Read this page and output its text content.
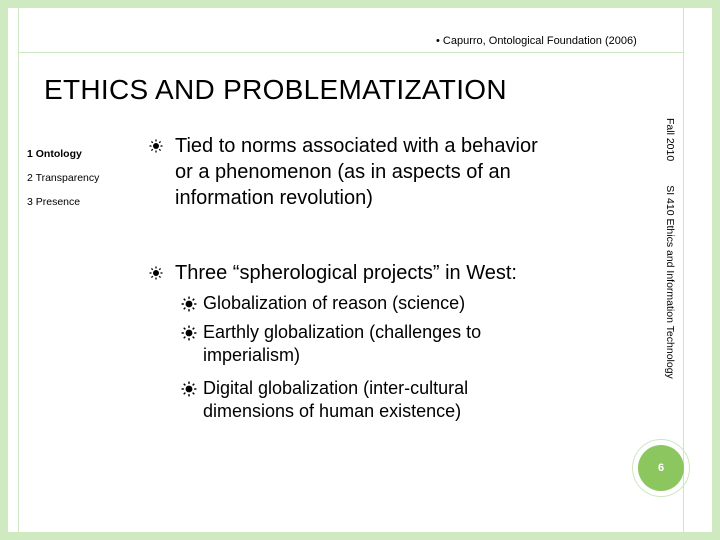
• Capurro, Ontological Foundation (2006)
ETHICS AND PROBLEMATIZATION
1 Ontology
2 Transparency
3 Presence
Tied to norms associated with a behavior
or a phenomenon (as in aspects of an
information revolution)
Three “spherological projects” in West:
Globalization of reason (science)
Earthly globalization (challenges to
imperialism)
Digital globalization (inter-cultural
dimensions of human existence)
Fall 2010SI 410 Ethics and Information Technology
6
